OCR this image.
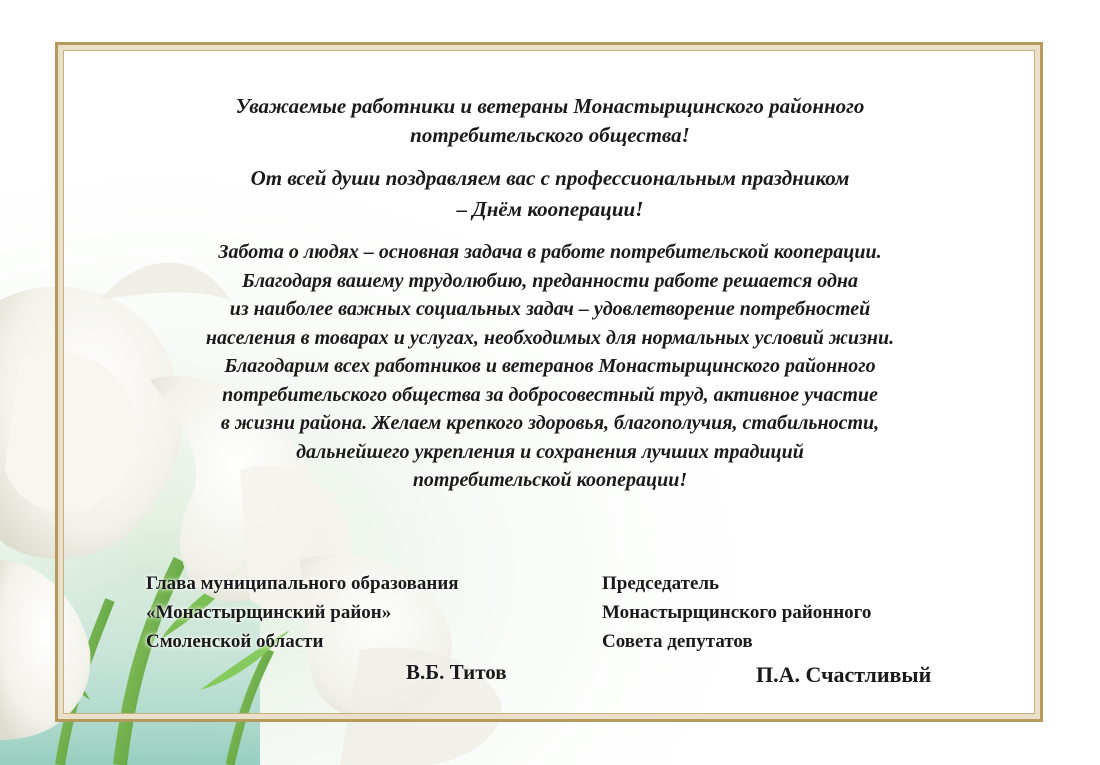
Уважаемые работники и ветераны Монастырщинского районного
потребительского общества!
От всей души поздравляем вас с профессиональным праздником
– Днём кооперации!
Забота о людях – основная задача в работе потребительской кооперации.
Благодаря вашему трудолюбию, преданности работе решается одна
из наиболее важных социальных задач – удовлетворение потребностей
населения в товарах и услугах, необходимых для нормальных условий жизни.
Благодарим всех работников и ветеранов Монастырщинского районного
потребительского общества за добросовестный труд, активное участие
в жизни района. Желаем крепкого здоровья, благополучия, стабильности,
дальнейшего укрепления и сохранения лучших традиций
потребительской кооперации!
Глава муниципального образования
«Монастырщинский район»
Смоленской области
В.Б. Титов
Председатель
Монастырщинского районного
Совета депутатов
П.А. Счастливый
